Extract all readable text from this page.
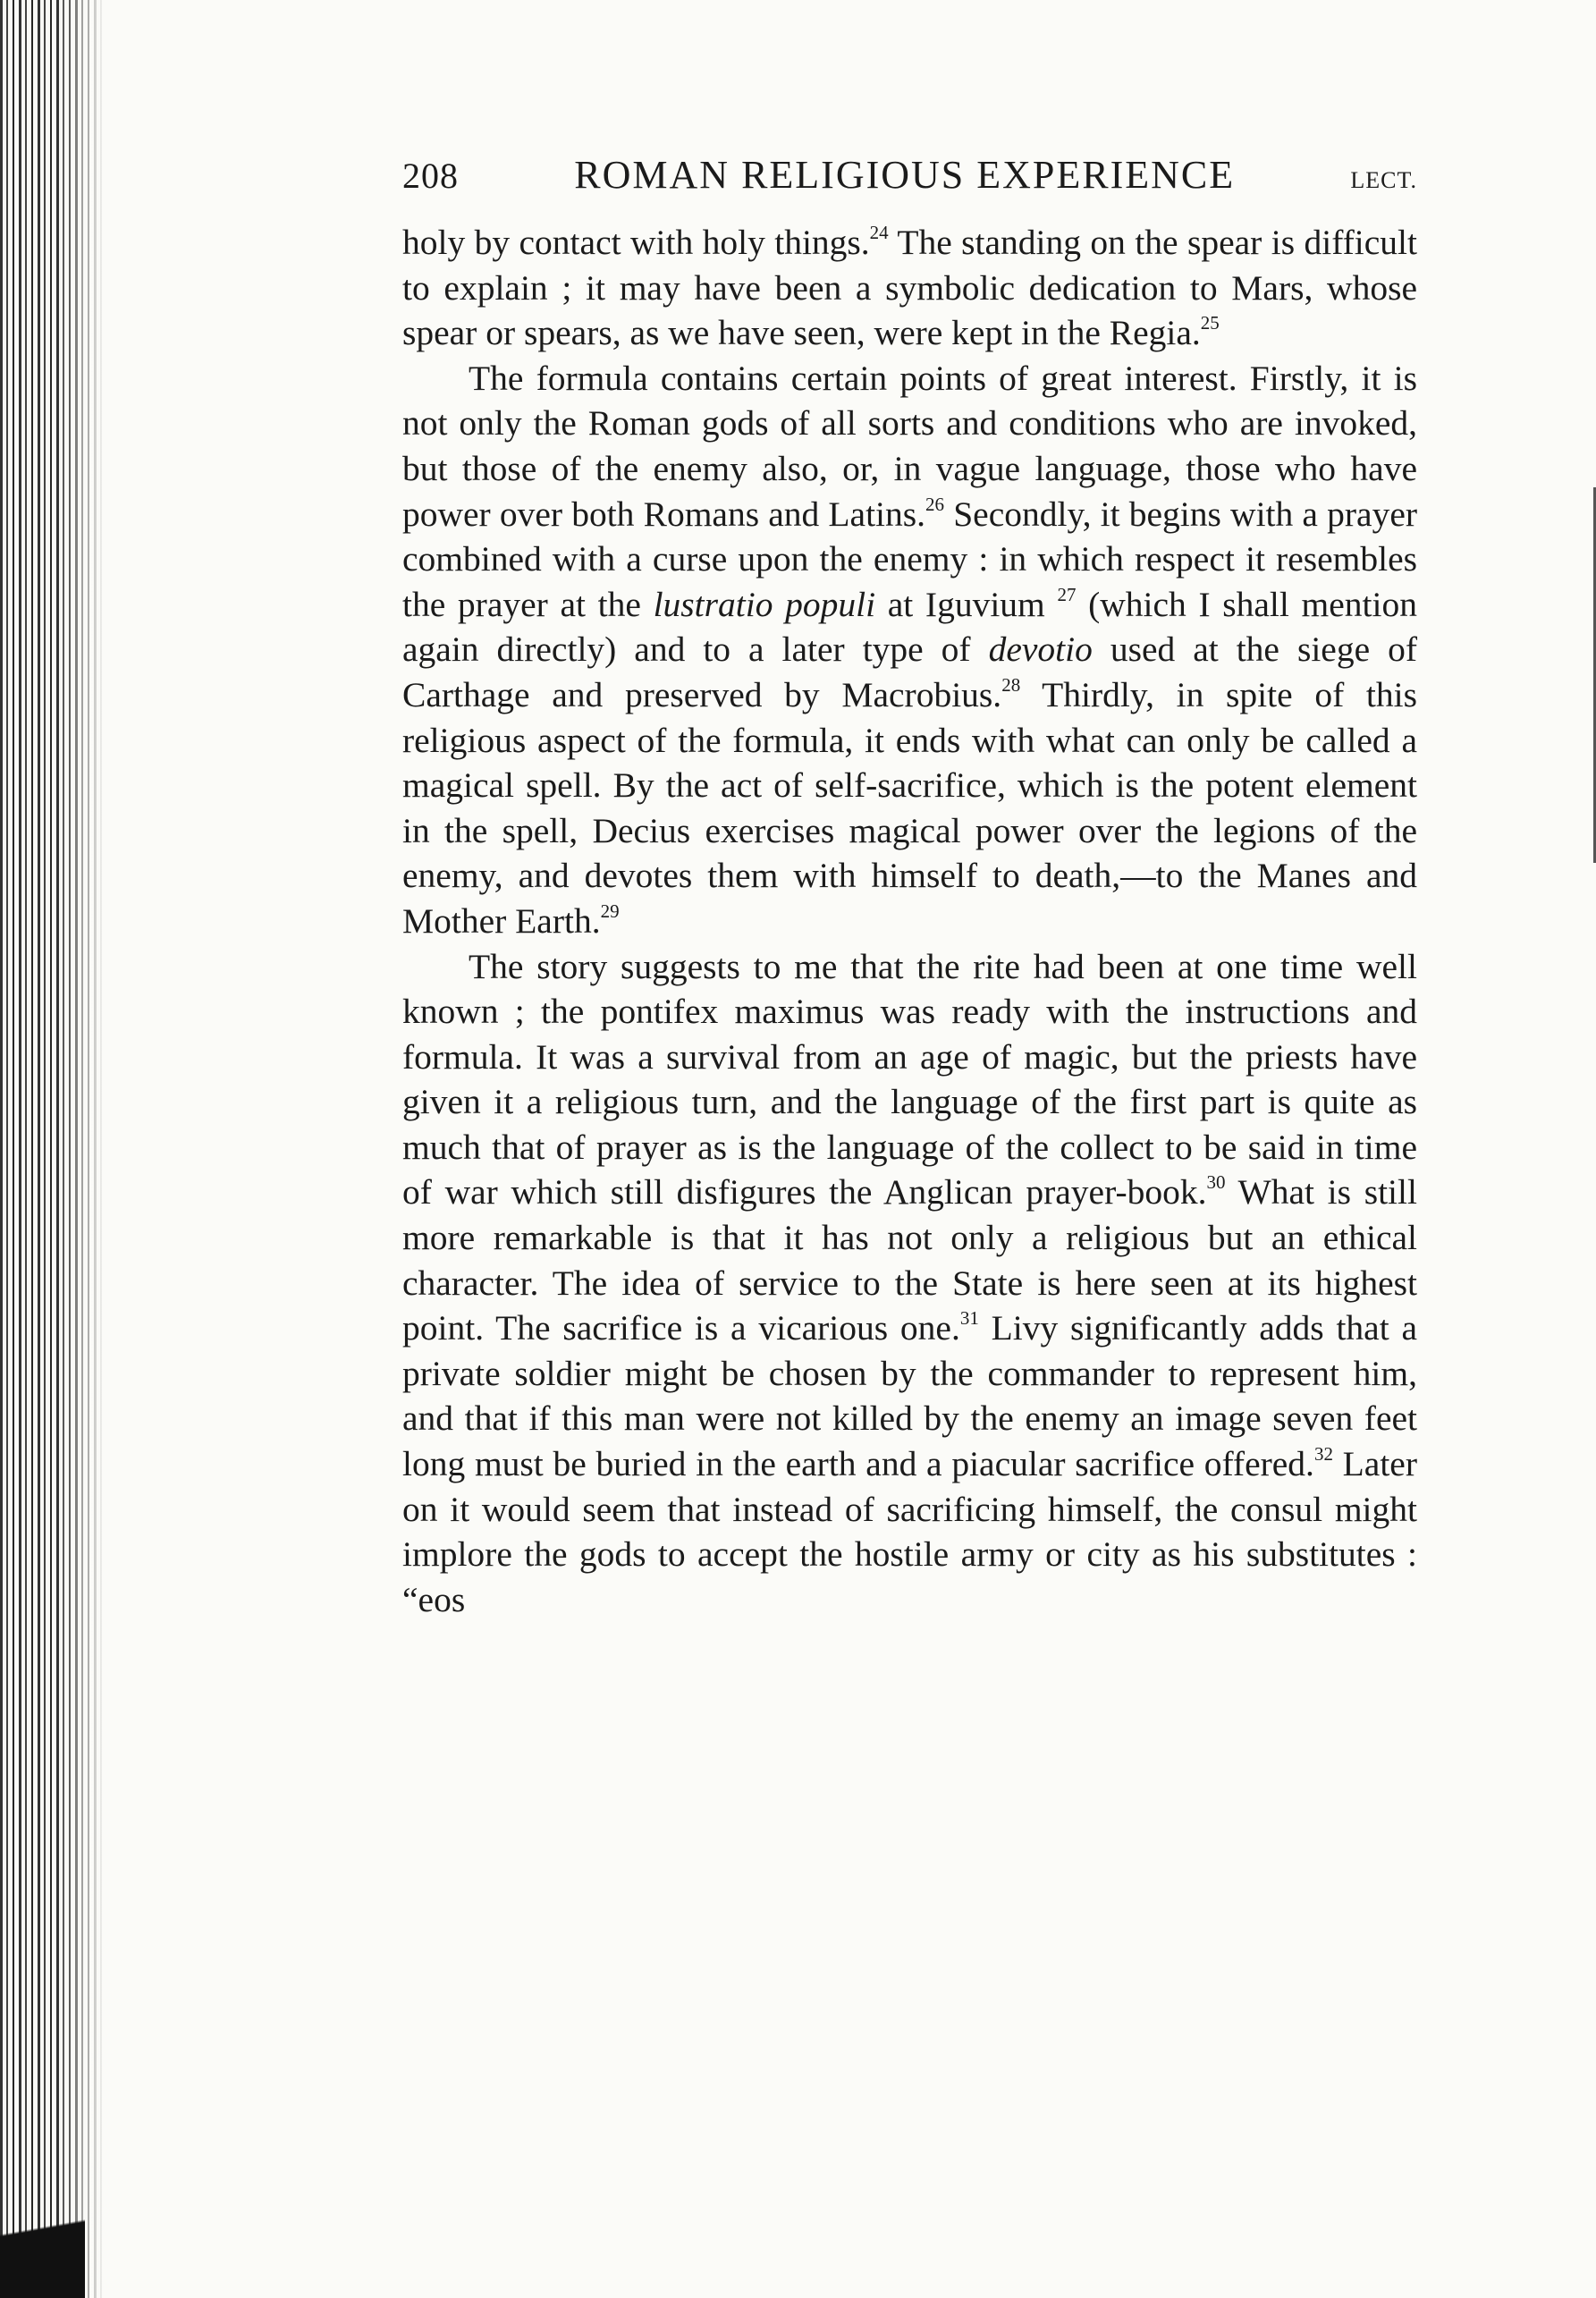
208	ROMAN RELIGIOUS EXPERIENCE	LECT.

holy by contact with holy things.$^{24}$ The standing on the spear is difficult to explain ; it may have been a symbolic dedication to Mars, whose spear or spears, as we have seen, were kept in the Regia.$^{25}$

The formula contains certain points of great interest. Firstly, it is not only the Roman gods of all sorts and conditions who are invoked, but those of the enemy also, or, in vague language, those who have power over both Romans and Latins.$^{26}$ Secondly, it begins with a prayer combined with a curse upon the enemy : in which respect it resembles the prayer at the lustratio populi at Iguvium $^{27}$ (which I shall mention again directly) and to a later type of devotio used at the siege of Carthage and preserved by Macrobius.$^{28}$ Thirdly, in spite of this religious aspect of the formula, it ends with what can only be called a magical spell. By the act of self-sacrifice, which is the potent element in the spell, Decius exercises magical power over the legions of the enemy, and devotes them with himself to death,—to the Manes and Mother Earth.$^{29}$

The story suggests to me that the rite had been at one time well known ; the pontifex maximus was ready with the instructions and formula. It was a survival from an age of magic, but the priests have given it a religious turn, and the language of the first part is quite as much that of prayer as is the language of the collect to be said in time of war which still disfigures the Anglican prayer-book.$^{30}$ What is still more remarkable is that it has not only a religious but an ethical character. The idea of service to the State is here seen at its highest point. The sacrifice is a vicarious one.$^{31}$ Livy significantly adds that a private soldier might be chosen by the commander to represent him, and that if this man were not killed by the enemy an image seven feet long must be buried in the earth and a piacular sacrifice offered.$^{32}$ Later on it would seem that instead of sacrificing himself, the consul might implore the gods to accept the hostile army or city as his substitutes : “eos
